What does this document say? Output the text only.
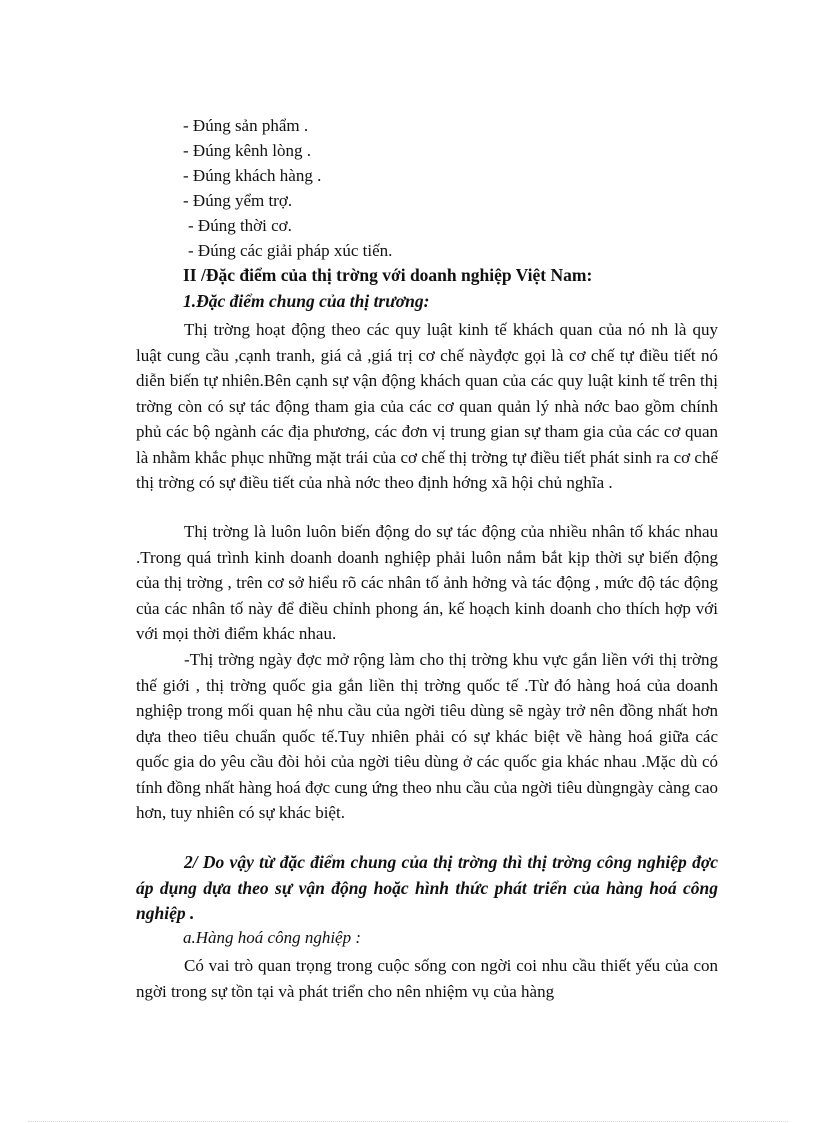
- Đúng sản phẩm .
- Đúng kênh lòng .
- Đúng khách hàng .
- Đúng yểm trợ.
- Đúng thời cơ.
- Đúng các giải pháp xúc tiến.
II /Đặc điểm của thị trờng với doanh nghiệp Việt Nam:
1.Đặc điểm chung của thị trương:
Thị trờng hoạt động theo các quy luật kinh tế khách quan của nó nh là quy luật cung cầu ,cạnh tranh, giá cả ,giá trị cơ chế nàyđợc gọi là cơ chế tự điều tiết nó diễn biến tự nhiên.Bên cạnh sự vận động khách quan của các quy luật kinh tế trên thị trờng còn có sự tác động tham gia của các cơ quan quản lý nhà nớc bao gồm chính phủ các bộ ngành các địa phương, các đơn vị trung gian sự tham gia của các cơ quan là nhằm khắc phục những mặt trái của cơ chế thị trờng tự điều tiết phát sinh ra cơ chế thị trờng có sự điều tiết của nhà nớc theo định hớng xã hội chủ nghĩa .
Thị trờng là luôn luôn biến động do sự tác động của nhiều nhân tố khác nhau .Trong quá trình kinh doanh doanh nghiệp phải luôn nắm bắt kịp thời sự biến động của thị trờng , trên cơ sở hiểu rõ các nhân tố ảnh hởng và tác động , mức độ tác động của các nhân tố này để điều chỉnh phong án, kế hoạch kinh doanh cho thích hợp với với mọi thời điểm khác nhau.
-Thị trờng ngày đợc mở rộng làm cho thị trờng khu vực gắn liền với thị trờng thế giới , thị trờng quốc gia gắn liền thị trờng quốc tế .Từ đó hàng hoá của doanh nghiệp trong mối quan hệ nhu cầu của ngời tiêu dùng sẽ ngày trở nên đồng nhất hơn dựa theo tiêu chuẩn quốc tế.Tuy nhiên phải có sự khác biệt về hàng hoá giữa các quốc gia do yêu cầu đòi hỏi của ngời tiêu dùng ở các quốc gia khác nhau .Mặc dù có tính đồng nhất hàng hoá đợc cung ứng theo nhu cầu của ngời tiêu dùngngày càng cao hơn, tuy nhiên có sự khác biệt.
2/ Do vậy từ đặc điểm chung của thị trờng thì thị trờng công nghiệp đợc áp dụng dựa theo sự vận động hoặc hình thức phát triển của hàng hoá công nghiệp .
a.Hàng hoá công nghiệp :
Có vai trò quan trọng trong cuộc sống con ngời coi nhu cầu thiết yếu của con ngời trong sự tồn tại và phát triển cho nên nhiệm vụ của hàng
